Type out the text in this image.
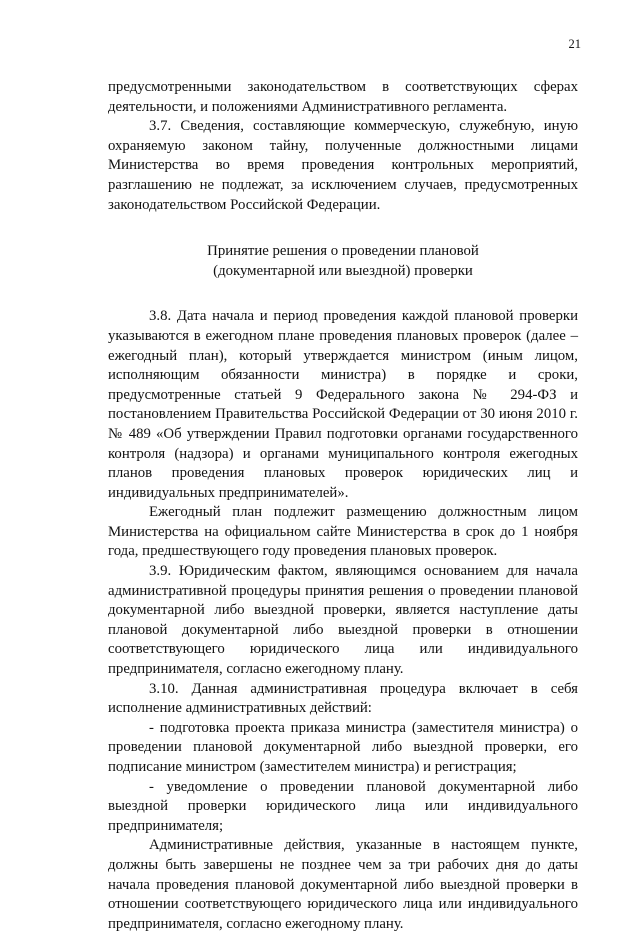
21

предусмотренными законодательством в соответствующих сферах деятельности, и положениями Административного регламента.

3.7. Сведения, составляющие коммерческую, служебную, иную охраняемую законом тайну, полученные должностными лицами Министерства во время проведения контрольных мероприятий, разглашению не подлежат, за исключением случаев, предусмотренных законодательством Российской Федерации.

Принятие решения о проведении плановой
(документарной или выездной) проверки

3.8. Дата начала и период проведения каждой плановой проверки указываются в ежегодном плане проведения плановых проверок (далее – ежегодный план), который утверждается министром (иным лицом, исполняющим обязанности министра) в порядке и сроки, предусмотренные статьей 9 Федерального закона № 294-ФЗ и постановлением Правительства Российской Федерации от 30 июня 2010 г. № 489 «Об утверждении Правил подготовки органами государственного контроля (надзора) и органами муниципального контроля ежегодных планов проведения плановых проверок юридических лиц и индивидуальных предпринимателей».

Ежегодный план подлежит размещению должностным лицом Министерства на официальном сайте Министерства в срок до 1 ноября года, предшествующего году проведения плановых проверок.

3.9. Юридическим фактом, являющимся основанием для начала административной процедуры принятия решения о проведении плановой документарной либо выездной проверки, является наступление даты плановой документарной либо выездной проверки в отношении соответствующего юридического лица или индивидуального предпринимателя, согласно ежегодному плану.

3.10. Данная административная процедура включает в себя исполнение административных действий:

- подготовка проекта приказа министра (заместителя министра) о проведении плановой документарной либо выездной проверки, его подписание министром (заместителем министра) и регистрация;

- уведомление о проведении плановой документарной либо выездной проверки юридического лица или индивидуального предпринимателя;

Административные действия, указанные в настоящем пункте, должны быть завершены не позднее чем за три рабочих дня до даты начала проведения плановой документарной либо выездной проверки в отношении соответствующего юридического лица или индивидуального предпринимателя, согласно ежегодному плану.
